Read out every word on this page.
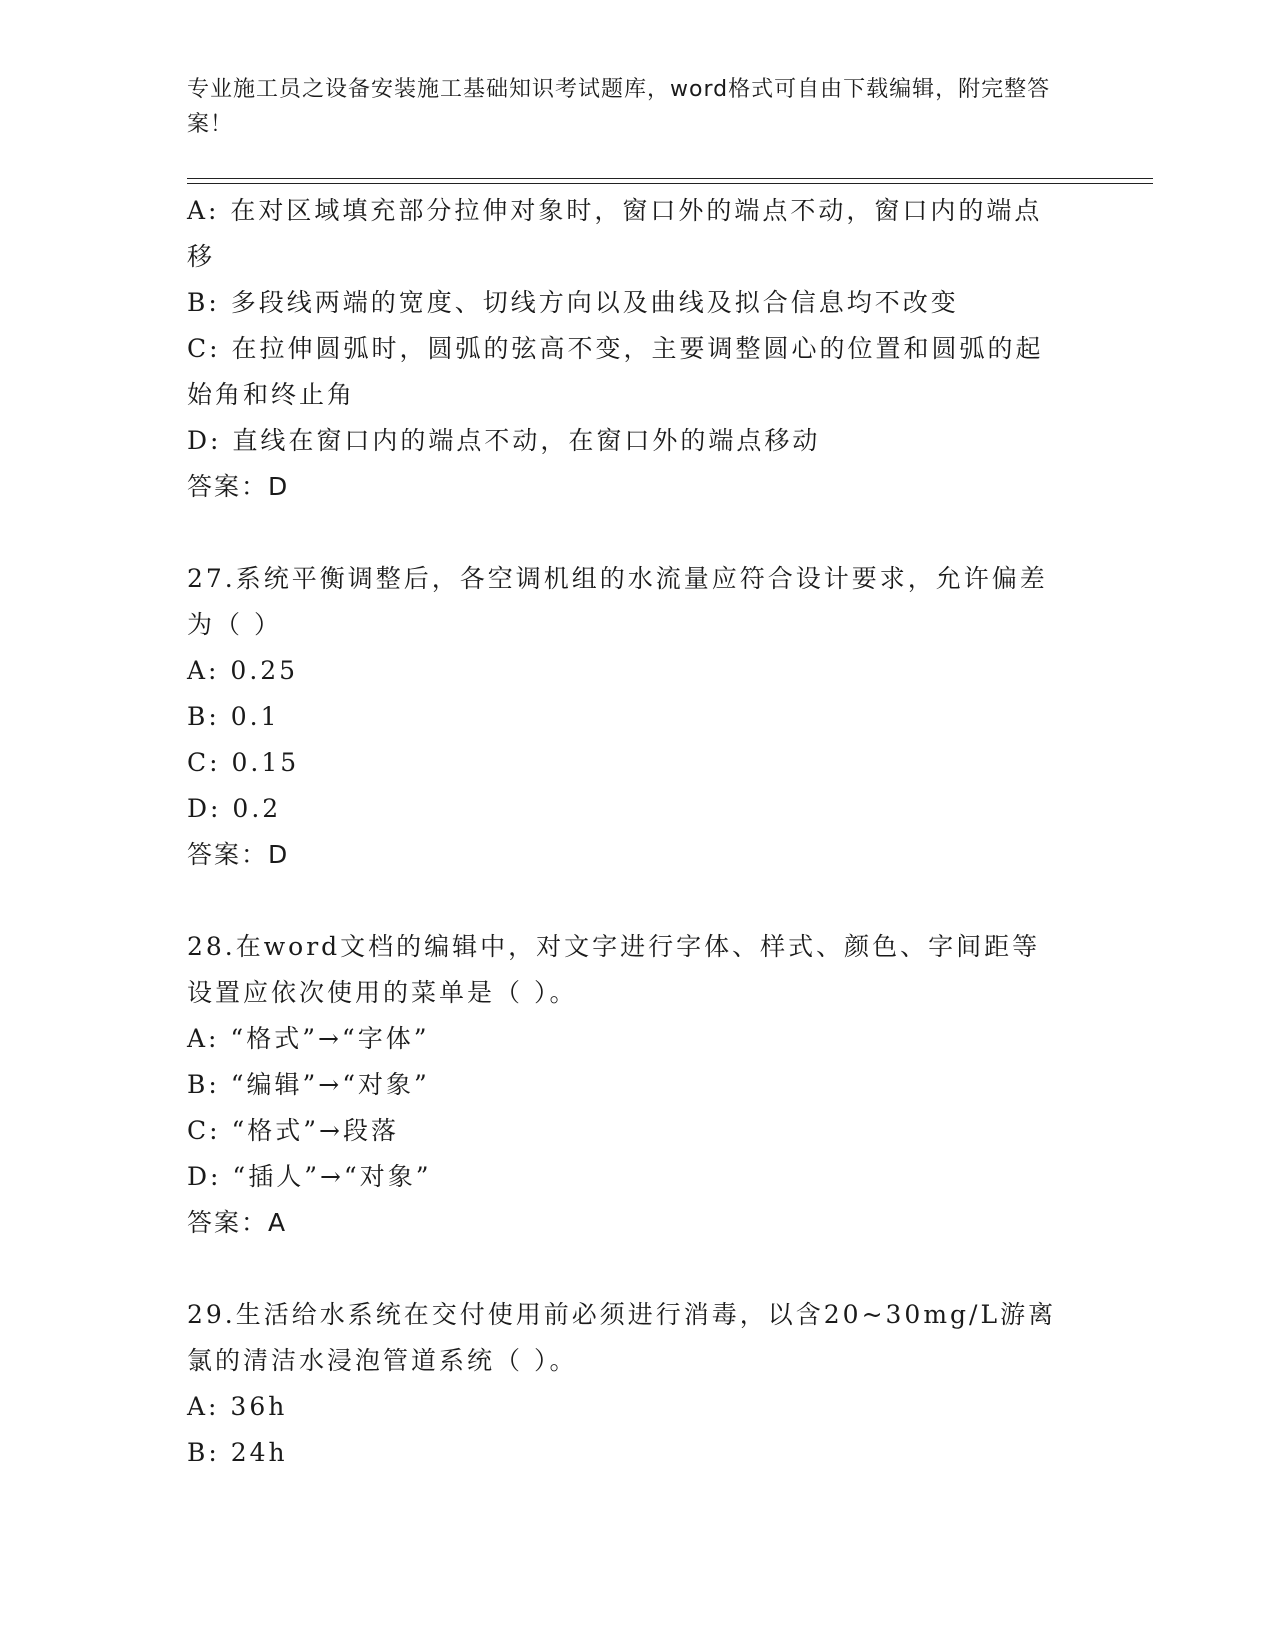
专业施工员之设备安装施工基础知识考试题库，word格式可自由下载编辑，附完整答案！
A: 在对区域填充部分拉伸对象时，窗口外的端点不动，窗口内的端点移
B: 多段线两端的宽度、切线方向以及曲线及拟合信息均不改变
C: 在拉伸圆弧时，圆弧的弦高不变，主要调整圆心的位置和圆弧的起始角和终止角
D: 直线在窗口内的端点不动，在窗口外的端点移动
答案：D
27.系统平衡调整后，各空调机组的水流量应符合设计要求，允许偏差为（ ）
A: 0.25
B: 0.1
C: 0.15
D: 0.2
答案：D
28.在word文档的编辑中，对文字进行字体、样式、颜色、字间距等设置应依次使用的菜单是（ ）。
A: “格式”→“字体”
B: “编辑”→“对象”
C: “格式”→段落
D: “插人”→“对象”
答案：A
29.生活给水系统在交付使用前必须进行消毒，以含20~30mg/L游离氯的清洁水浸泡管道系统（ ）。
A: 36h
B: 24h
